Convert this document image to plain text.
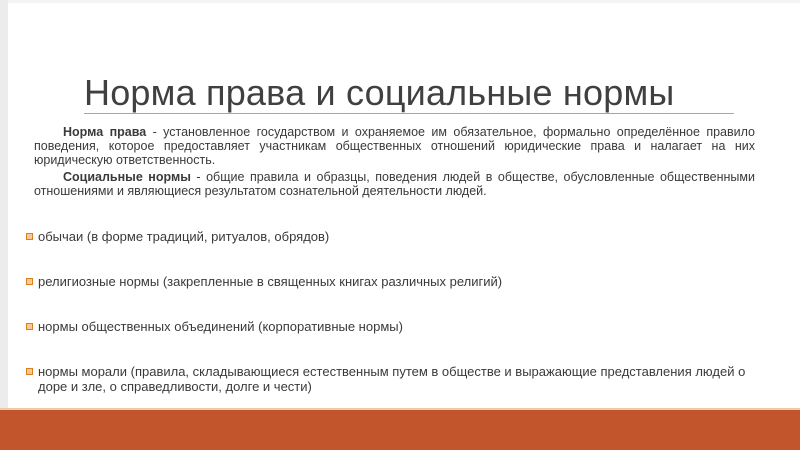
Норма права и социальные нормы
Норма права - установленное государством и охраняемое им обязательное, формально определённое правило поведения, которое предоставляет участникам общественных отношений юридические права и налагает на них юридическую ответственность.
Социальные нормы - общие правила и образцы, поведения людей в обществе, обусловленные общественными отношениями и являющиеся результатом сознательной деятельности людей.
обычаи (в форме традиций, ритуалов, обрядов)
религиозные нормы (закрепленные в священных книгах различных религий)
нормы общественных объединений (корпоративные нормы)
нормы морали (правила, складывающиеся естественным путем в обществе и выражающие представления людей о доре и зле, о справедливости, долге и чести)
